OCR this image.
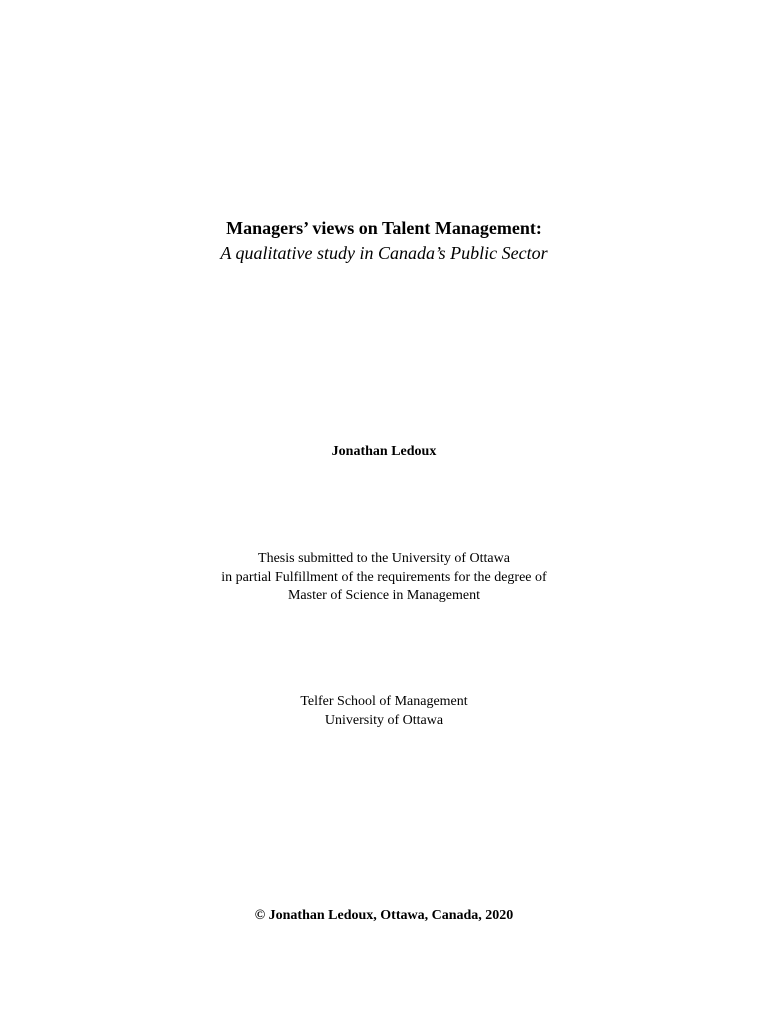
Managers’ views on Talent Management:
A qualitative study in Canada’s Public Sector
Jonathan Ledoux
Thesis submitted to the University of Ottawa
in partial Fulfillment of the requirements for the degree of
Master of Science in Management
Telfer School of Management
University of Ottawa
© Jonathan Ledoux, Ottawa, Canada, 2020
